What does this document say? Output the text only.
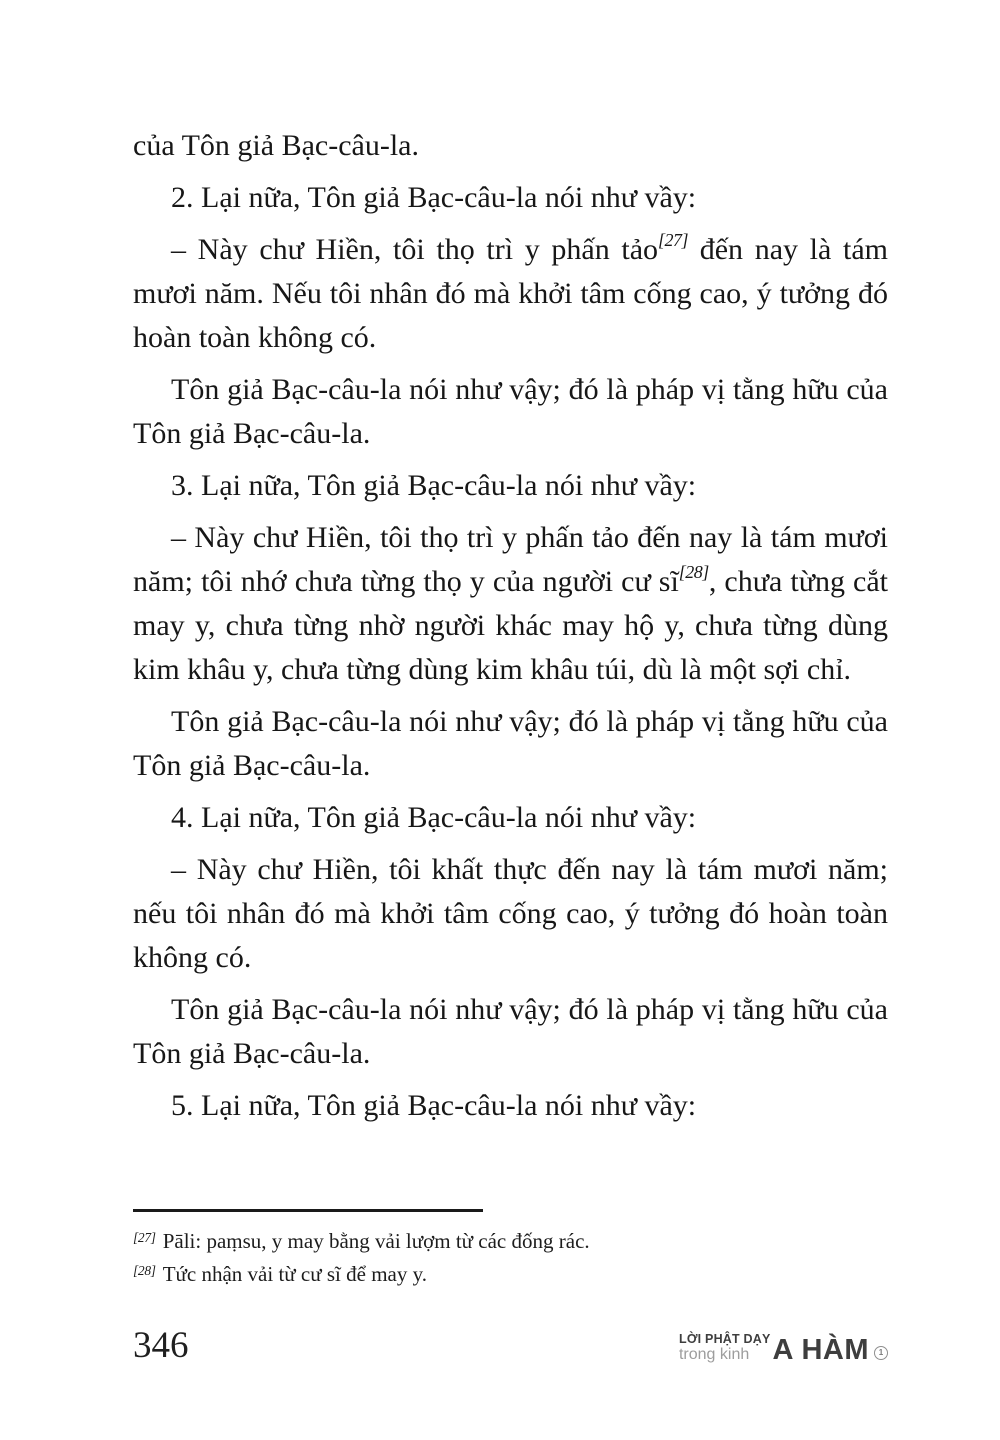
của Tôn giả Bạc-câu-la.

2. Lại nữa, Tôn giả Bạc-câu-la nói như vầy:

– Này chư Hiền, tôi thọ trì y phấn tảo[27] đến nay là tám mươi năm. Nếu tôi nhân đó mà khởi tâm cống cao, ý tưởng đó hoàn toàn không có.

Tôn giả Bạc-câu-la nói như vậy; đó là pháp vị tằng hữu của Tôn giả Bạc-câu-la.

3. Lại nữa, Tôn giả Bạc-câu-la nói như vầy:

– Này chư Hiền, tôi thọ trì y phấn tảo đến nay là tám mươi năm; tôi nhớ chưa từng thọ y của người cư sĩ[28], chưa từng cắt may y, chưa từng nhờ người khác may hộ y, chưa từng dùng kim khâu y, chưa từng dùng kim khâu túi, dù là một sợi chỉ.

Tôn giả Bạc-câu-la nói như vậy; đó là pháp vị tằng hữu của Tôn giả Bạc-câu-la.

4. Lại nữa, Tôn giả Bạc-câu-la nói như vầy:

– Này chư Hiền, tôi khất thực đến nay là tám mươi năm; nếu tôi nhân đó mà khởi tâm cống cao, ý tưởng đó hoàn toàn không có.

Tôn giả Bạc-câu-la nói như vậy; đó là pháp vị tằng hữu của Tôn giả Bạc-câu-la.

5. Lại nữa, Tôn giả Bạc-câu-la nói như vầy:

[27] Pāli: paṃsu, y may bằng vải lượm từ các đống rác.

[28] Tức nhận vải từ cư sĩ để may y.

346	LỜI PHẬT DẠY
trong kinh A HÀM	1
